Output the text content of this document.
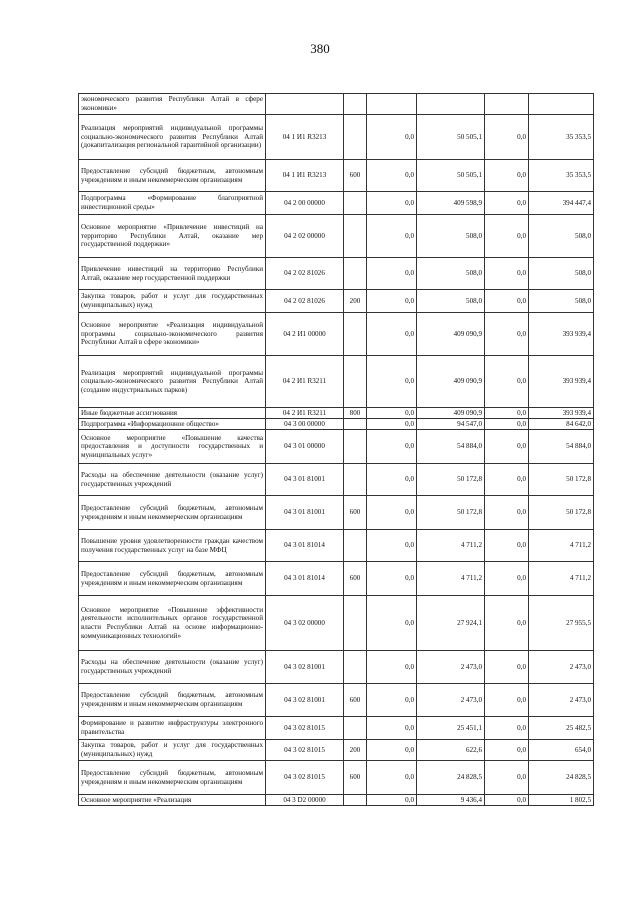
380
экономического развития Республики Алтай в сфере экономики»						
Реализация мероприятий индивидуальной программы социально-экономического развития Республики Алтай (докапитализация региональной гарантийной организации)	04 1 И1 R3213		0,0	50 505,1	0,0	35 353,5
Предоставление субсидий бюджетным, автономным учреждениям и иным некоммерческим организациям	04 1 И1 R3213	600	0,0	50 505,1	0,0	35 353,5
Подпрограмма «Формирование благоприятной инвестиционной среды»	04 2 00 00000		0,0	409 598,9	0,0	394 447,4
Основное мероприятие «Привлечение инвестиций на территорию Республики Алтай, оказание мер государственной поддержки»	04 2 02 00000		0,0	508,0	0,0	508,0
Привлечение инвестиций на территорию Республики Алтай, оказание мер государственной поддержки	04 2 02 81026		0,0	508,0	0,0	508,0
Закупка товаров, работ и услуг для государственных (муниципальных) нужд	04 2 02 81026	200	0,0	508,0	0,0	508,0
Основное мероприятие «Реализация индивидуальной программы социально-экономического развития Республики Алтай в сфере экономики»	04 2 И1 00000		0,0	409 090,9	0,0	393 939,4
Реализация мероприятий индивидуальной программы социально-экономического развития Республики Алтай (создание индустриальных парков)	04 2 И1 R3211		0,0	409 090,9	0,0	393 939,4
Иные бюджетные ассигнования	04 2 И1 R3211	800	0,0	409 090,9	0,0	393 939,4
Подпрограмма «Информационное общество»	04 3 00 00000		0,0	94 547,0	0,0	84 642,0
Основное мероприятие «Повышение качества предоставления и доступности государственных и муниципальных услуг»	04 3 01 00000		0,0	54 884,0	0,0	54 884,0
Расходы на обеспечение деятельности (оказание услуг) государственных учреждений	04 3 01 81001		0,0	50 172,8	0,0	50 172,8
Предоставление субсидий бюджетным, автономным учреждениям и иным некоммерческим организациям	04 3 01 81001	600	0,0	50 172,8	0,0	50 172,8
Повышение уровня удовлетворенности граждан качеством получения государственных услуг на базе МФЦ	04 3 01 81014		0,0	4 711,2	0,0	4 711,2
Предоставление субсидий бюджетным, автономным учреждениям и иным некоммерческим организациям	04 3 01 81014	600	0,0	4 711,2	0,0	4 711,2
Основное мероприятие «Повышение эффективности деятельности исполнительных органов государственной власти Республики Алтай на основе информационно-коммуникационных технологий»	04 3 02 00000		0,0	27 924,1	0,0	27 955,5
Расходы на обеспечение деятельности (оказание услуг) государственных учреждений	04 3 02 81001		0,0	2 473,0	0,0	2 473,0
Предоставление субсидий бюджетным, автономным учреждениям и иным некоммерческим организациям	04 3 02 81001	600	0,0	2 473,0	0,0	2 473,0
Формирование и развитие инфраструктуры электронного правительства	04 3 02 81015		0,0	25 451,1	0,0	25 482,5
Закупка товаров, работ и услуг для государственных (муниципальных) нужд	04 3 02 81015	200	0,0	622,6	0,0	654,0
Предоставление субсидий бюджетным, автономным учреждениям и иным некоммерческим организациям	04 3 02 81015	600	0,0	24 828,5	0,0	24 828,5
Основное мероприятие «Реализация	04 3 D2 00000		0,0	9 436,4	0,0	1 802,5
